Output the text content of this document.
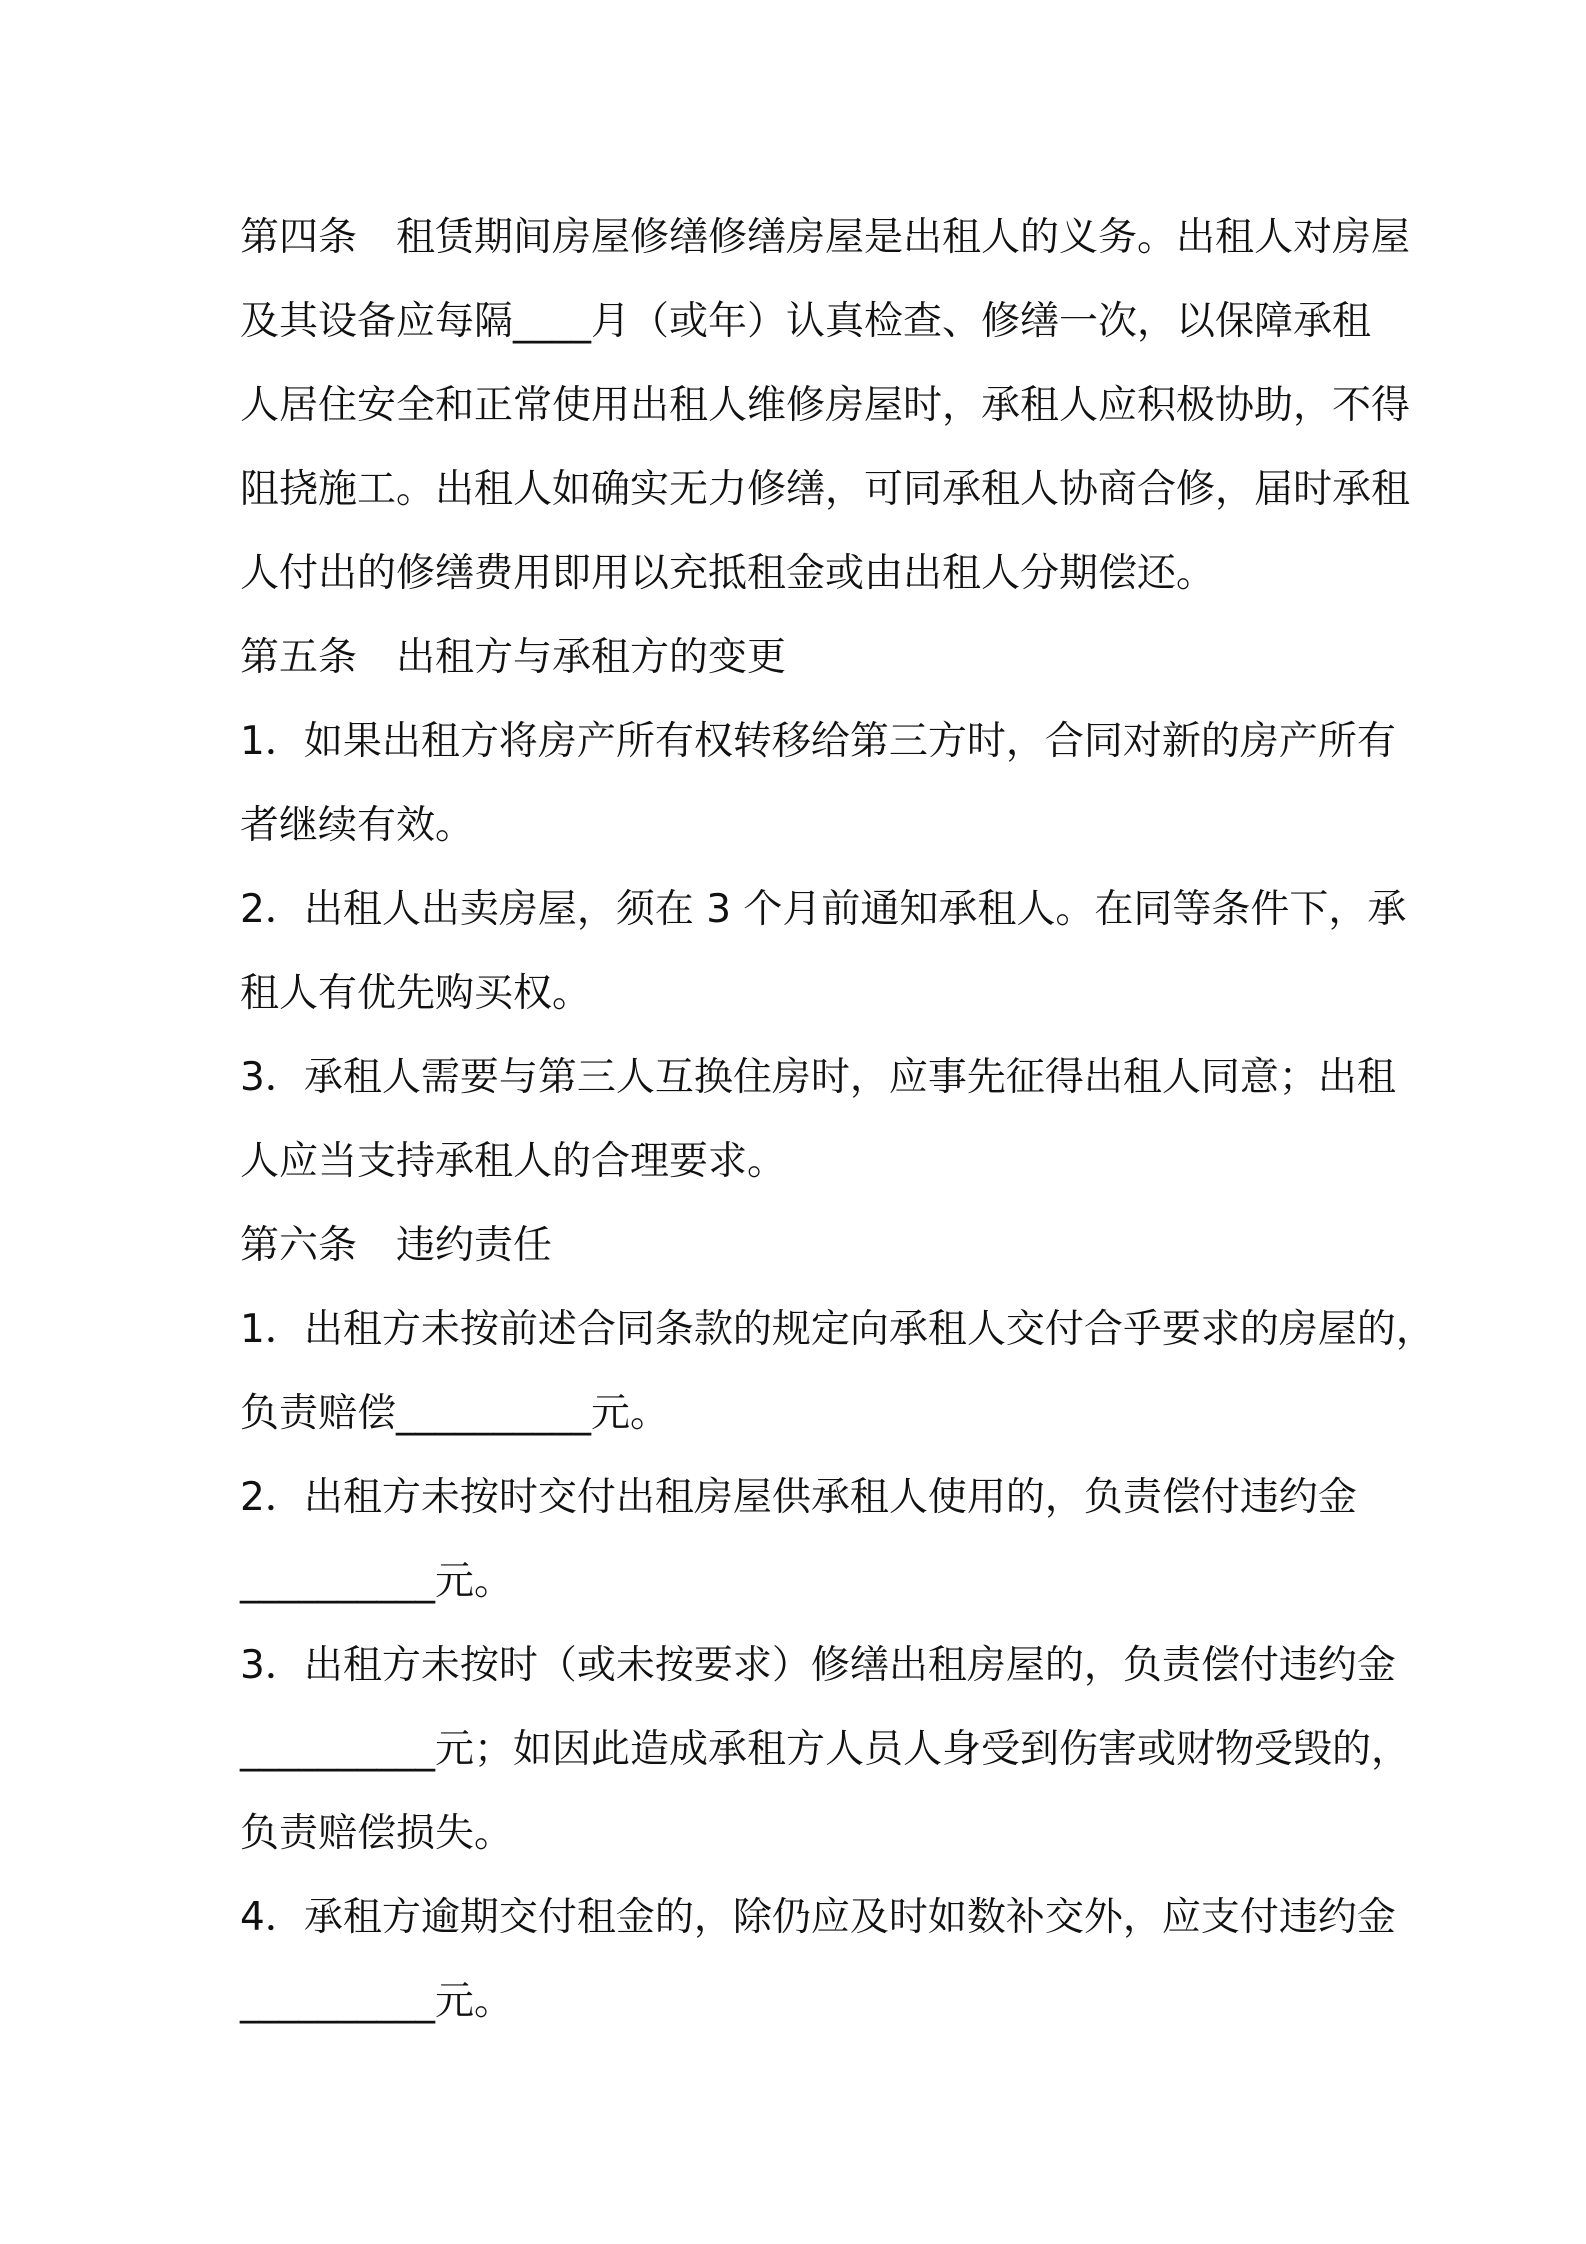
第四条　租赁期间房屋修缮修缮房屋是出租人的义务。出租人对房屋
及其设备应每隔____月（或年）认真检查、修缮一次，以保障承租
人居住安全和正常使用出租人维修房屋时，承租人应积极协助，不得
阻挠施工。出租人如确实无力修缮，可同承租人协商合修，届时承租
人付出的修缮费用即用以充抵租金或由出租人分期偿还。
第五条　出租方与承租方的变更
1．如果出租方将房产所有权转移给第三方时，合同对新的房产所有
者继续有效。
2．出租人出卖房屋，须在 3 个月前通知承租人。在同等条件下，承
租人有优先购买权。
3．承租人需要与第三人互换住房时，应事先征得出租人同意；出租
人应当支持承租人的合理要求。
第六条　违约责任
1．出租方未按前述合同条款的规定向承租人交付合乎要求的房屋的，
负责赔偿__________元。
2．出租方未按时交付出租房屋供承租人使用的，负责偿付违约金
__________元。
3．出租方未按时（或未按要求）修缮出租房屋的，负责偿付违约金
__________元；如因此造成承租方人员人身受到伤害或财物受毁的，
负责赔偿损失。
4．承租方逾期交付租金的，除仍应及时如数补交外，应支付违约金
__________元。
